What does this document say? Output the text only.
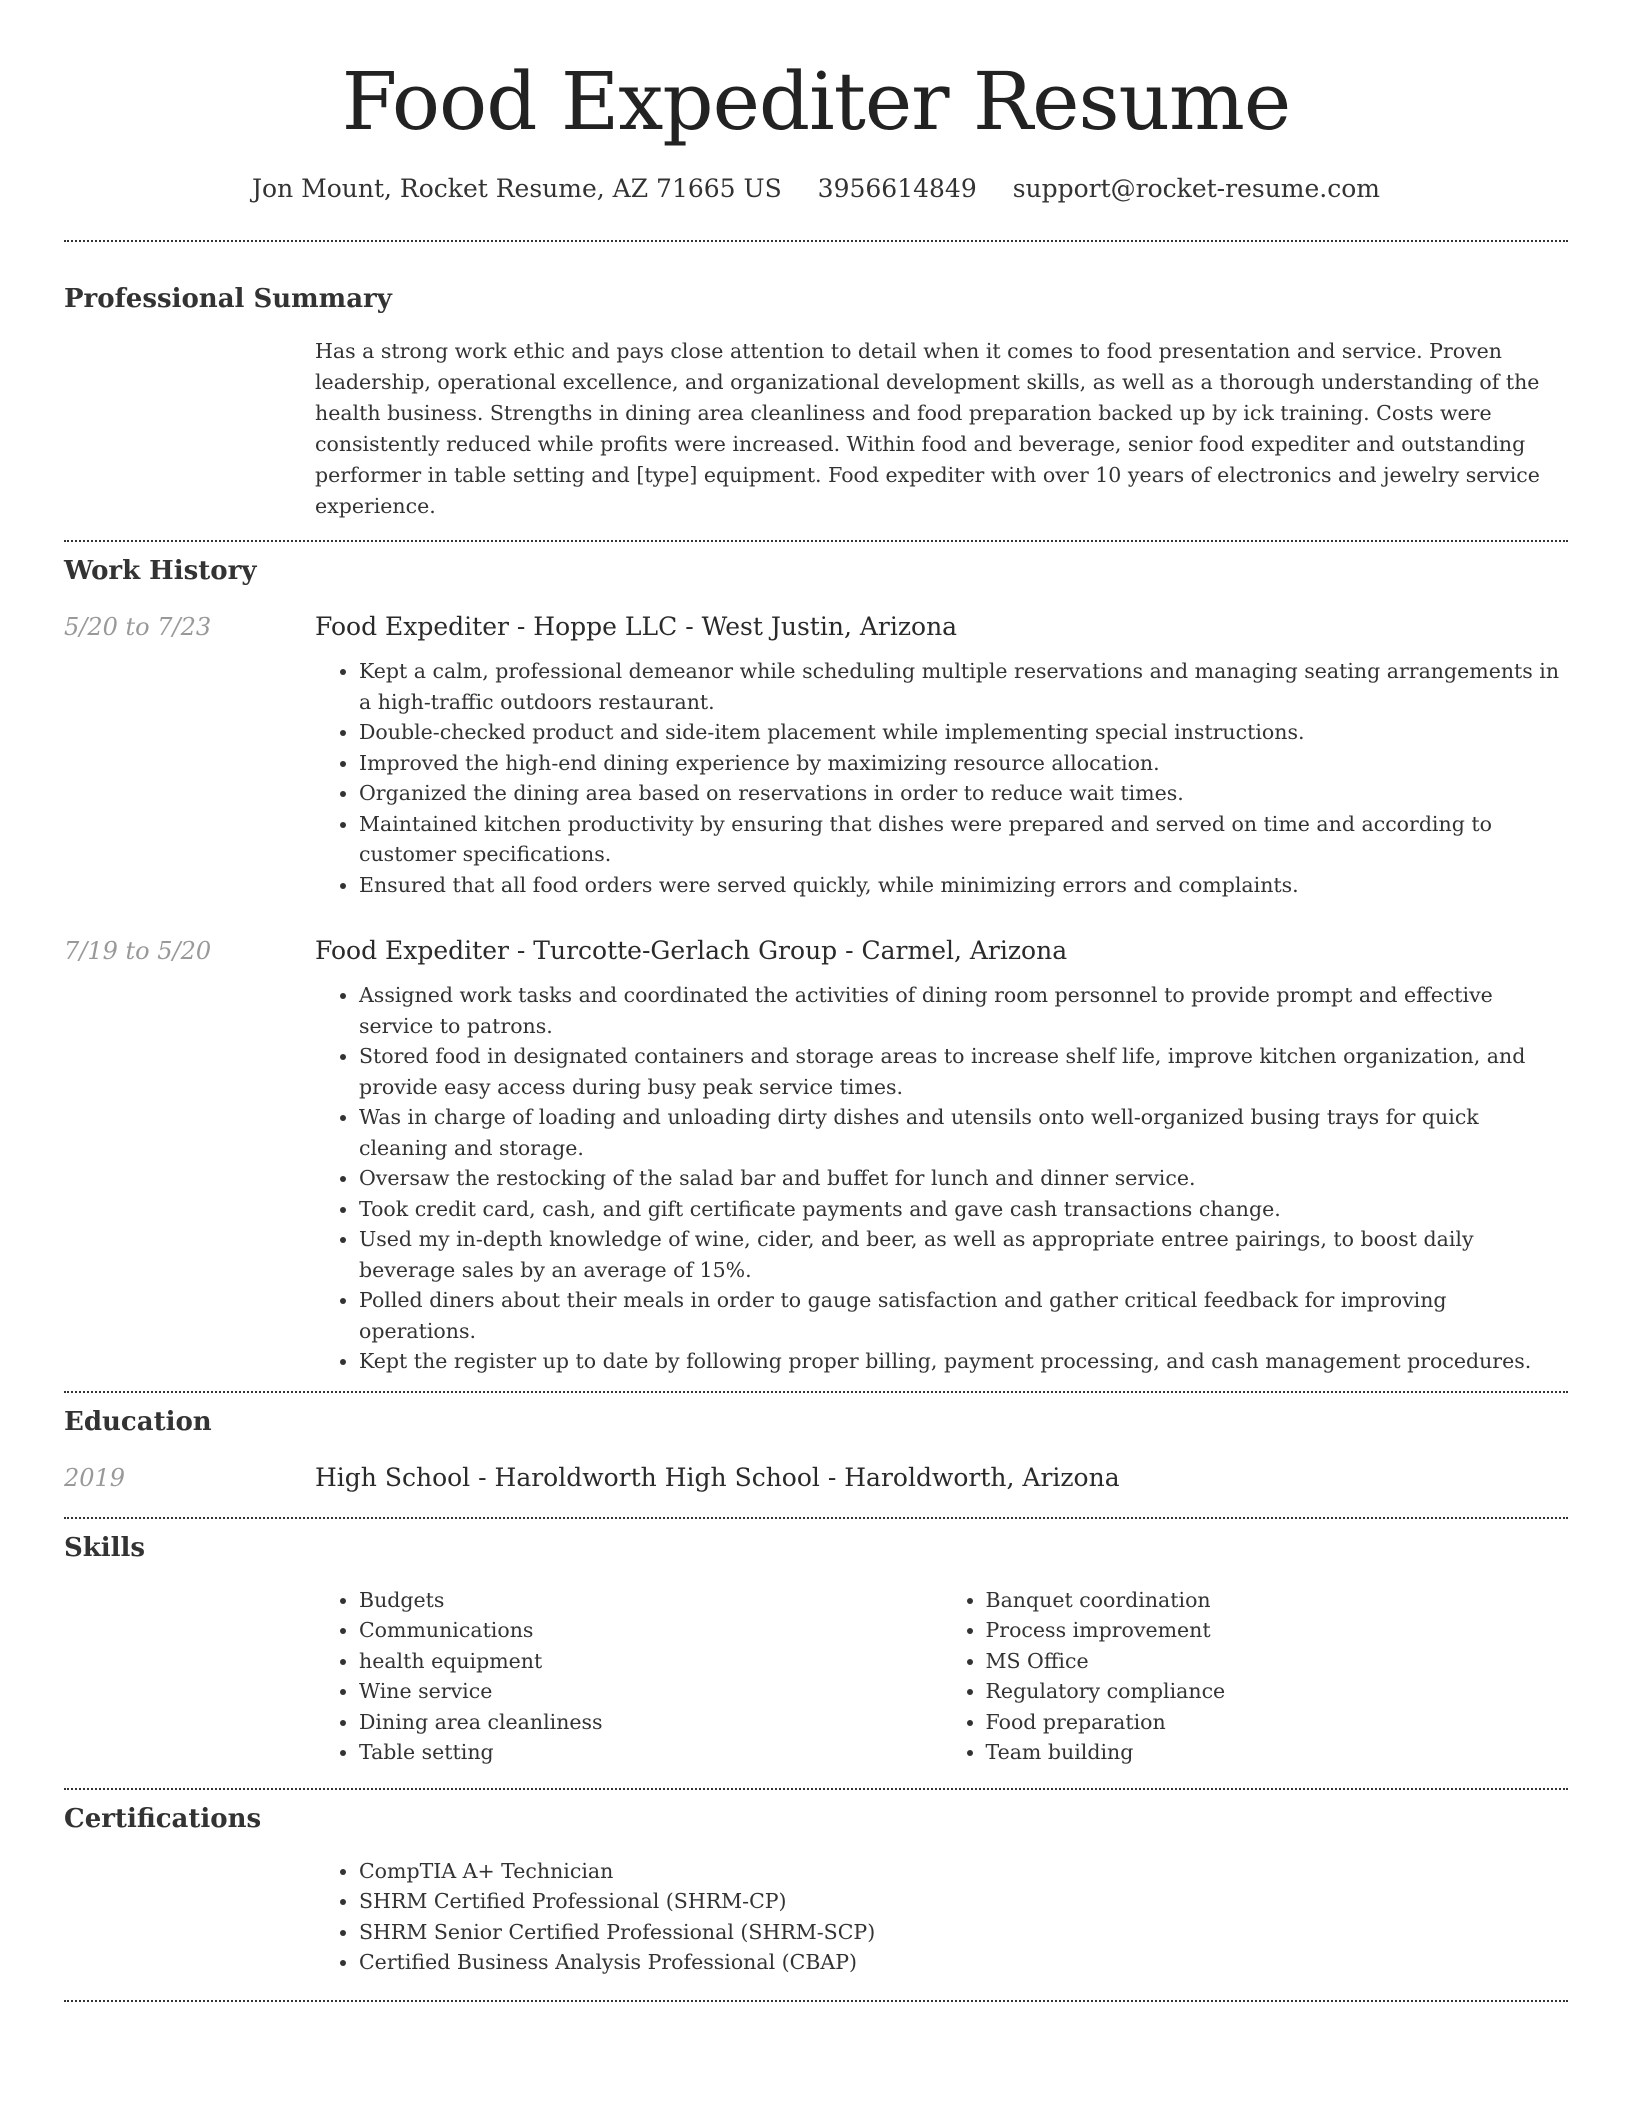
Food Expediter Resume
Jon Mount, Rocket Resume, AZ 71665 US 3956614849 support@rocket-resume.com
Professional Summary

Has a strong work ethic and pays close attention to detail when it comes to food presentation and service. Proven leadership, operational excellence, and organizational development skills, as well as a thorough understanding of the health business. Strengths in dining area cleanliness and food preparation backed up by ick training. Costs were consistently reduced while profits were increased. Within food and beverage, senior food expediter and outstanding performer in table setting and [type] equipment. Food expediter with over 10 years of electronics and jewelry service experience.

Work History
5/20 to 7/23	Food Expediter - Hoppe LLC - West Justin, Arizona
• Kept a calm, professional demeanor while scheduling multiple reservations and managing seating arrangements in a high-traffic outdoors restaurant.
• Double-checked product and side-item placement while implementing special instructions.
• Improved the high-end dining experience by maximizing resource allocation.
• Organized the dining area based on reservations in order to reduce wait times.
• Maintained kitchen productivity by ensuring that dishes were prepared and served on time and according to customer specifications.
• Ensured that all food orders were served quickly, while minimizing errors and complaints.
7/19 to 5/20	Food Expediter - Turcotte-Gerlach Group - Carmel, Arizona
• Assigned work tasks and coordinated the activities of dining room personnel to provide prompt and effective service to patrons.
• Stored food in designated containers and storage areas to increase shelf life, improve kitchen organization, and provide easy access during busy peak service times.
• Was in charge of loading and unloading dirty dishes and utensils onto well-organized busing trays for quick cleaning and storage.
• Oversaw the restocking of the salad bar and buffet for lunch and dinner service.
• Took credit card, cash, and gift certificate payments and gave cash transactions change.
• Used my in-depth knowledge of wine, cider, and beer, as well as appropriate entree pairings, to boost daily beverage sales by an average of 15%.
• Polled diners about their meals in order to gauge satisfaction and gather critical feedback for improving operations.
• Kept the register up to date by following proper billing, payment processing, and cash management procedures.
Education
2019	High School - Haroldworth High School - Haroldworth, Arizona
Skills
• Budgets
• Communications
• health equipment
• Wine service
• Dining area cleanliness
• Table setting
• Banquet coordination
• Process improvement
• MS Office
• Regulatory compliance
• Food preparation
• Team building
Certifications
• CompTIA A+ Technician
• SHRM Certified Professional (SHRM-CP)
• SHRM Senior Certified Professional (SHRM-SCP)
• Certified Business Analysis Professional (CBAP)
